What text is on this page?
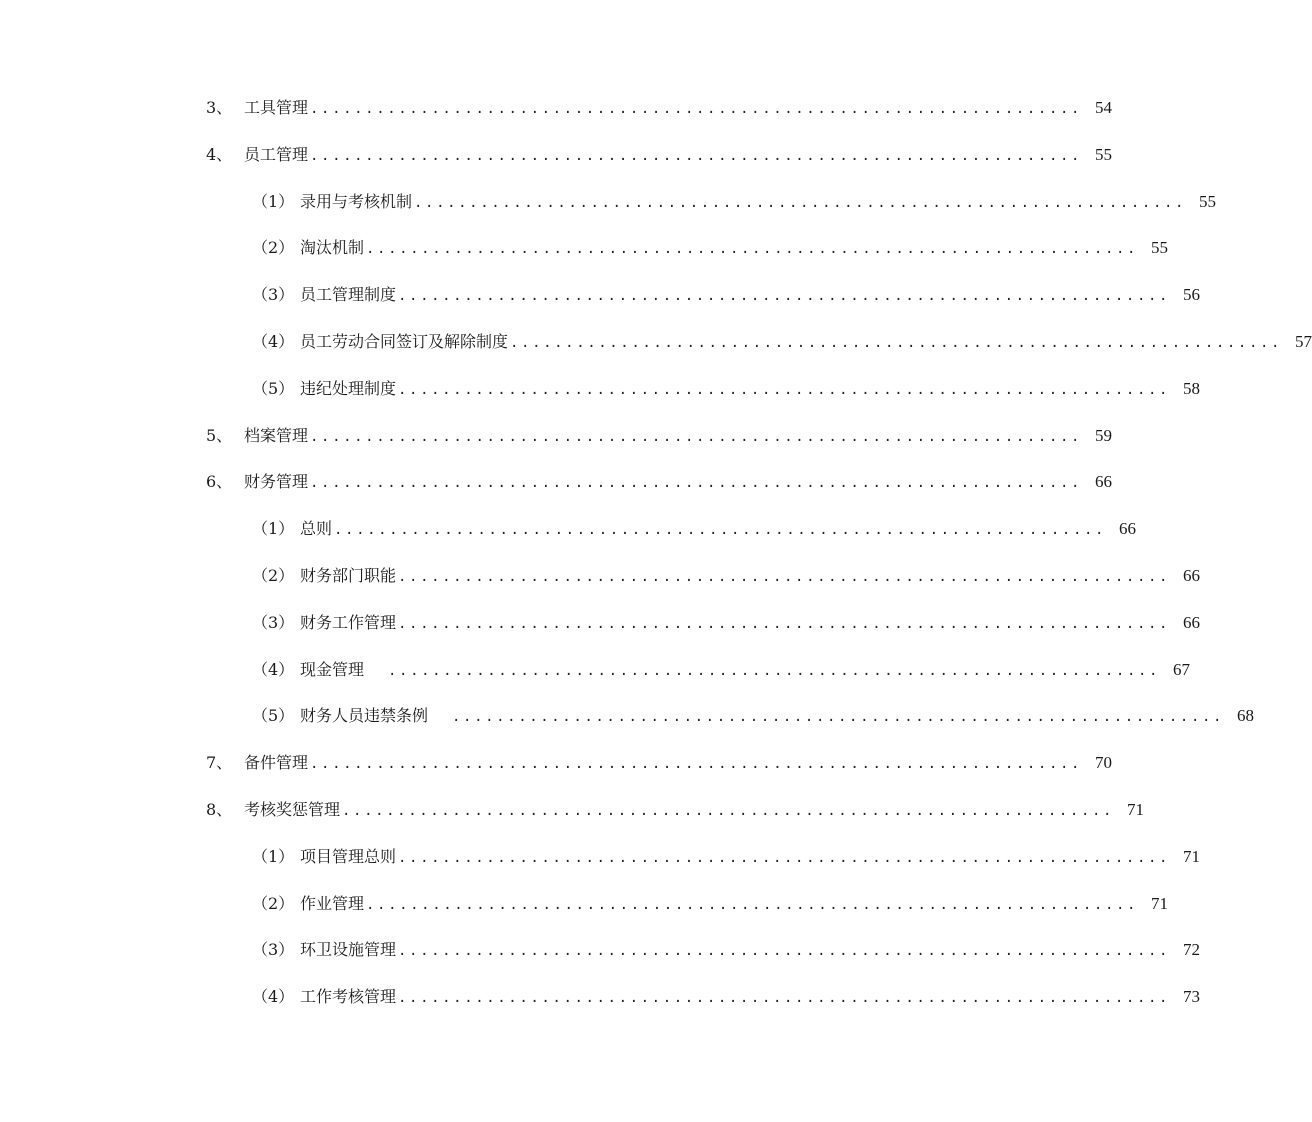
3、 工具管理 ...................................................................... 54
4、 员工管理 ...................................................................... 55
（1） 录用与考核机制 ...................................................................... 55
（2） 淘汰机制 ...................................................................... 55
（3） 员工管理制度 ...................................................................... 56
（4） 员工劳动合同签订及解除制度 ...................................................................... 57
（5） 违纪处理制度 ...................................................................... 58
5、 档案管理 ...................................................................... 59
6、 财务管理 ...................................................................... 66
（1） 总则 ...................................................................... 66
（2） 财务部门职能 ...................................................................... 66
（3） 财务工作管理 ...................................................................... 66
（4） 现金管理 ...................................................................... 67
（5） 财务人员违禁条例 ...................................................................... 68
7、 备件管理 ...................................................................... 70
8、 考核奖惩管理 ...................................................................... 71
（1） 项目管理总则 ...................................................................... 71
（2） 作业管理 ...................................................................... 71
（3） 环卫设施管理 ...................................................................... 72
（4） 工作考核管理 ...................................................................... 73
